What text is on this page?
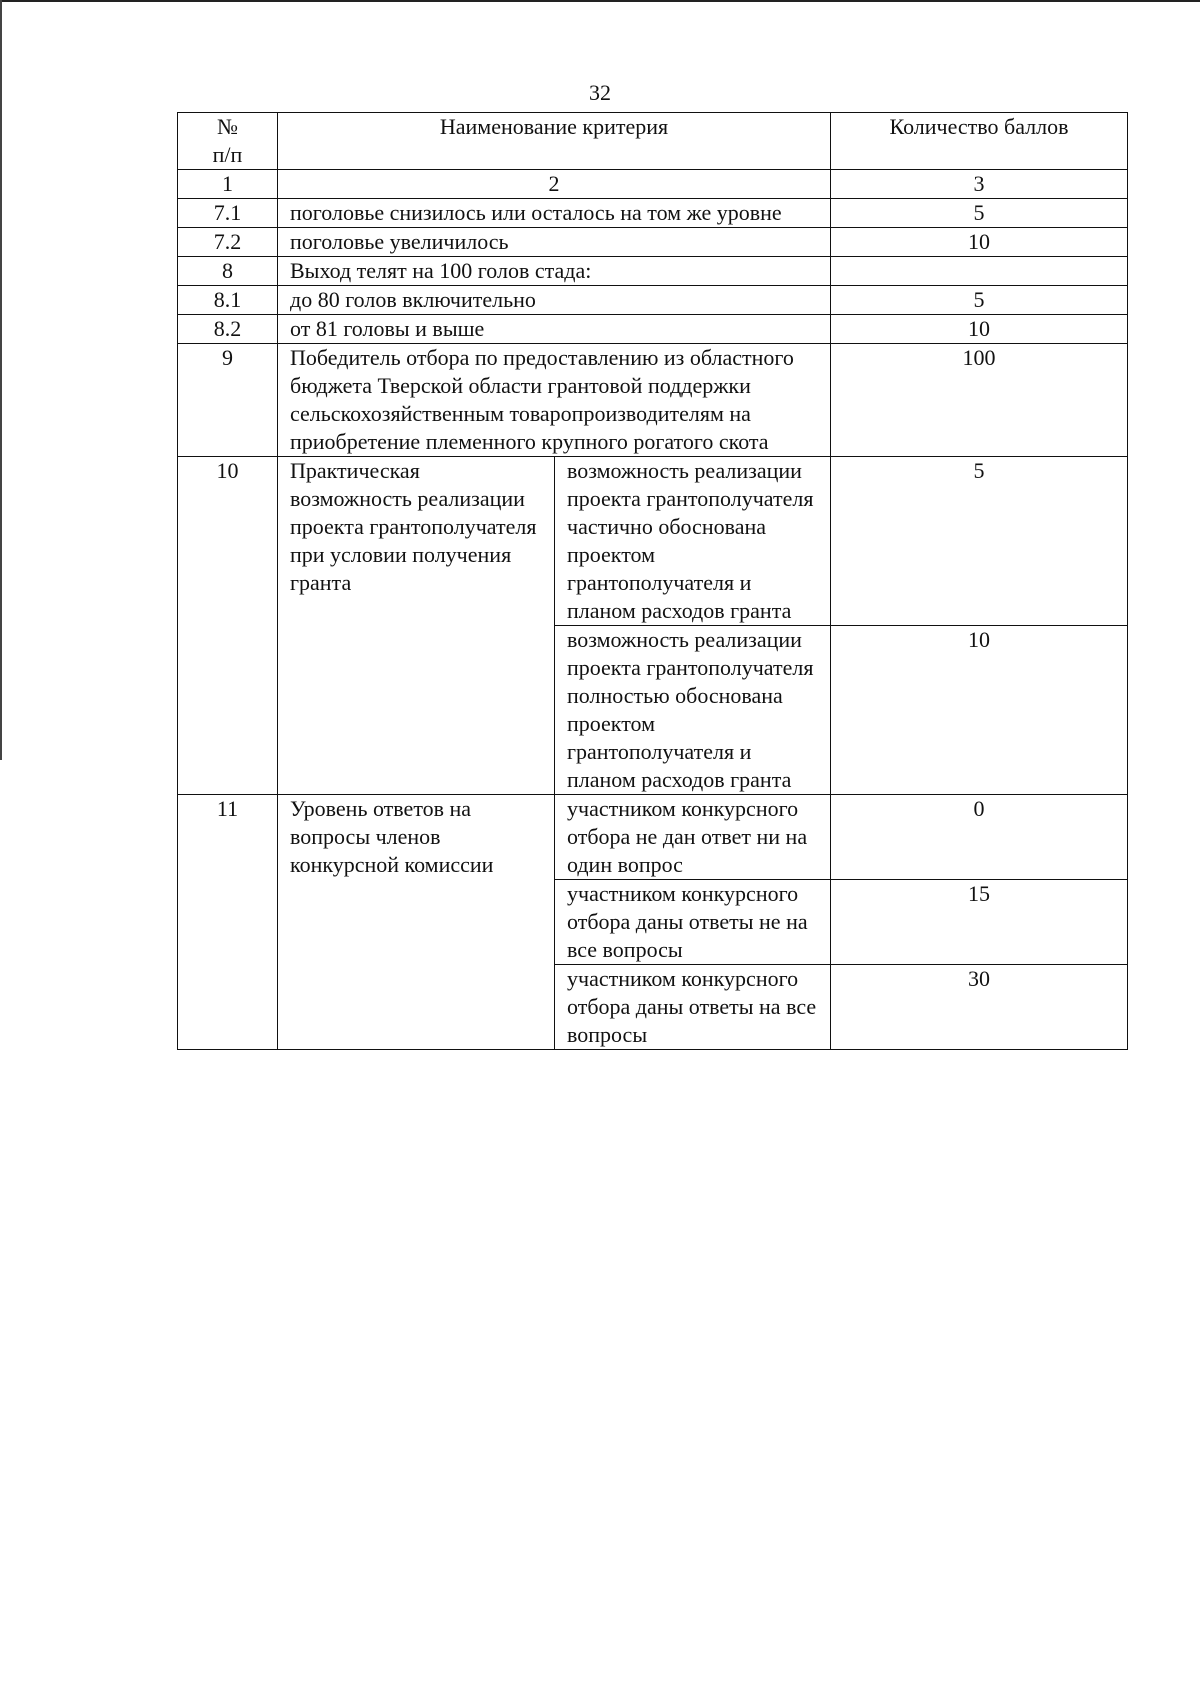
32
№
п/п	Наименование критерия		Количество баллов
1	2		3
7.1	поголовье снизилось или осталось на том же уровне		5
7.2	поголовье увеличилось		10
8	Выход телят на 100 голов стада:		
8.1	до 80 голов включительно		5
8.2	от 81 головы и выше		10
9	Победитель отбора по предоставлению из областного бюджета Тверской области грантовой поддержки сельскохозяйственным товаропроизводителям на приобретение племенного крупного рогатого скота		100
10	Практическая возможность реализации проекта грантополучателя при условии получения гранта	возможность реализации проекта грантополучателя частично обоснована проектом грантополучателя и планом расходов гранта	5
		возможность реализации проекта грантополучателя полностью обоснована проектом грантополучателя и планом расходов гранта	10
11	Уровень ответов на вопросы членов конкурсной комиссии	участником конкурсного отбора не дан ответ ни на один вопрос	0
		участником конкурсного отбора даны ответы не на все вопросы	15
		участником конкурсного отбора даны ответы на все вопросы	30
